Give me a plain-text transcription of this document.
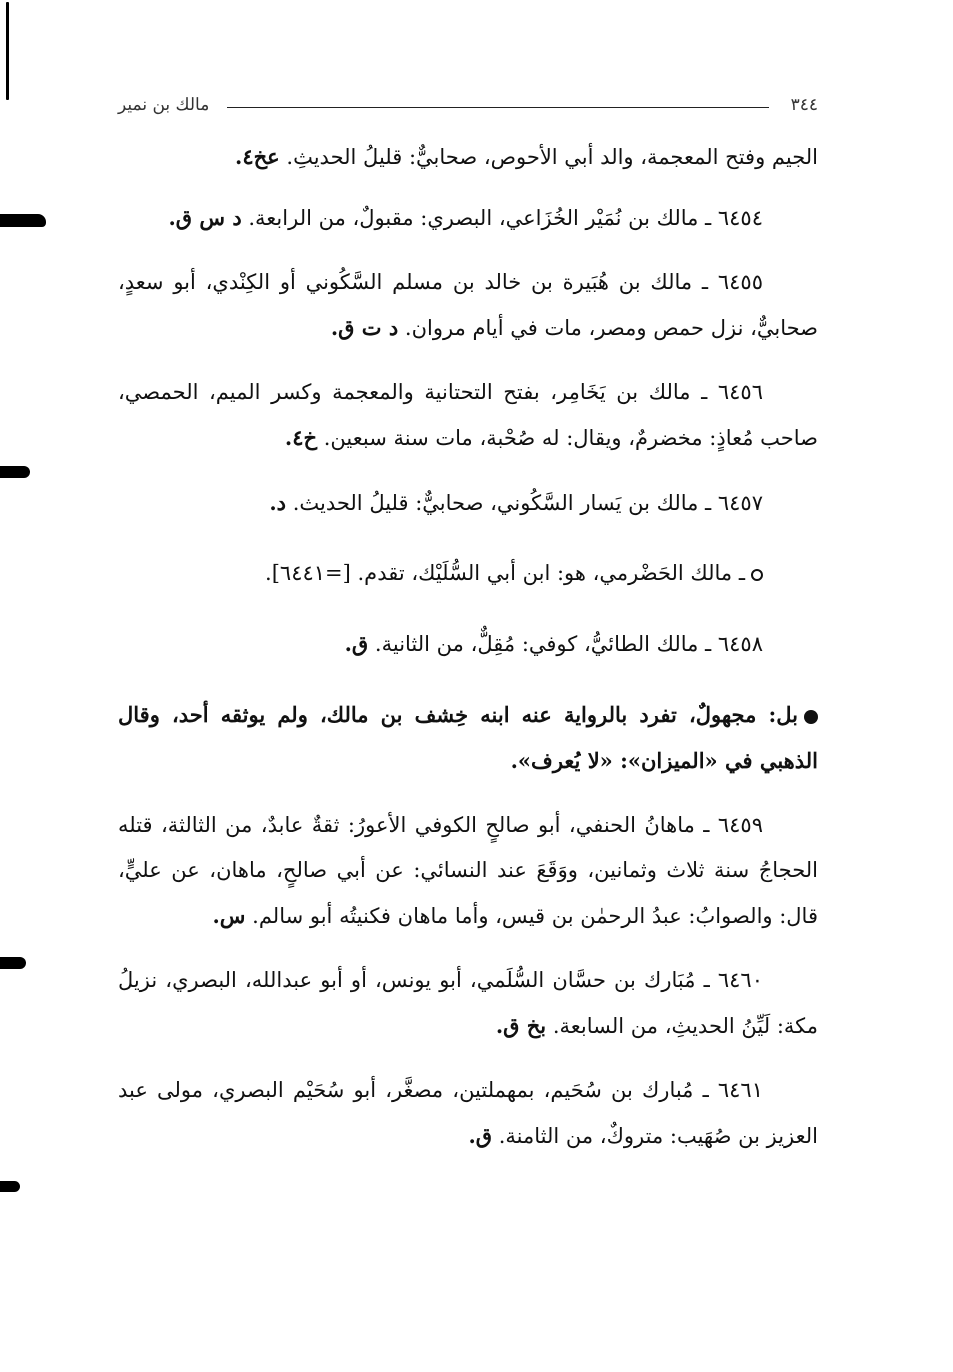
٣٤٤
مالك بن نمير

الجيم وفتح المعجمة، والد أبي الأحوص، صحابيٌّ: قليلُ الحديثِ. عخ٤.

٦٤٥٤ ـ مالك بن نُمَيْر الخُزَاعي، البصري: مقبولٌ، من الرابعة. د س ق.

٦٤٥٥ ـ مالك بن هُبَيرة بن خالد بن مسلم السَّكُوني أو الكِنْدي، أبو سعدٍ، صحابيٌّ، نزل حمص ومصر، مات في أيام مروان. د ت ق.

٦٤٥٦ ـ مالك بن يَخَامِر، بفتح التحتانية والمعجمة وكسر الميم، الحمصي، صاحب مُعاذٍ: مخضرمٌ، ويقال: له صُحْبة، مات سنة سبعين. خ٤.

٦٤٥٧ ـ مالك بن يَسار السَّكُوني، صحابيٌّ: قليلُ الحديث. د.

ـ مالك الحَضْرمي، هو: ابن أبي السُّلَيْك، تقدم. [=٦٤٤١].

٦٤٥٨ ـ مالك الطائيُّ، كوفي: مُقِلٌّ، من الثانية. ق.

بل: مجهولٌ، تفرد بالرواية عنه ابنه خِشف بن مالك، ولم يوثقه أحد، وقال الذهبي في «الميزان»: «لا يُعرف».

٦٤٥٩ ـ ماهانُ الحنفي، أبو صالحٍ الكوفي الأعورُ: ثقةٌ عابدٌ، من الثالثة، قتله الحجاجُ سنة ثلاث وثمانين، ووَقَعَ عند النسائي: عن أبي صالحٍ، ماهان، عن عليٍّ، قال: والصوابُ: عبدُ الرحمٰن بن قيس، وأما ماهان فكنيتُه أبو سالم. س.

٦٤٦٠ ـ مُبَارك بن حسَّان السُّلَمي، أبو يونس، أو أبو عبدالله، البصري، نزيلُ مكة: لَيِّنُ الحديثِ، من السابعة. بخ ق.

٦٤٦١ ـ مُبارك بن سُحَيم، بمهملتين، مصغَّر، أبو سُحَيْم البصري، مولى عبد العزيز بن صُهَيب: متروكٌ، من الثامنة. ق.
